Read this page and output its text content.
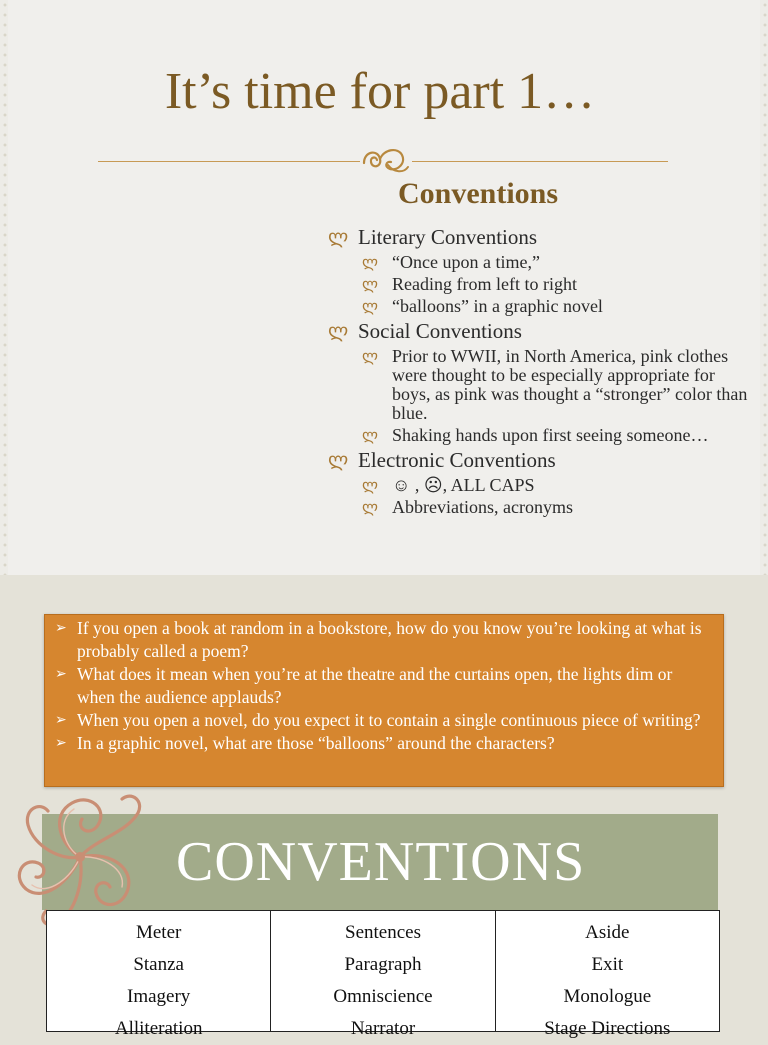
It’s time for part 1…
Conventions
ლ Literary Conventions
ლ “Once upon a time,”
ლ Reading from left to right
ლ “balloons” in a graphic novel
ლ Social Conventions
ლ Prior to WWII, in North America, pink clothes were thought to be especially appropriate for boys, as pink was thought a “stronger” color than blue.
ლ Shaking hands upon first seeing someone…
ლ Electronic Conventions
ლ ☺ , ☹, ALL CAPS
ლ Abbreviations, acronyms
➢ If you open a book at random in a bookstore, how do you know you’re looking at what is probably called a poem?
➢ What does it mean when you’re at the theatre and the curtains open, the lights dim or when the audience applauds?
➢ When you open a novel, do you expect it to contain a single continuous piece of writing?
➢ In a graphic novel, what are those “balloons” around the characters?
CONVENTIONS
Meter
Stanza
Imagery
Alliteration
Sentences
Paragraph
Omniscience
Narrator
Aside
Exit
Monologue
Stage Directions
